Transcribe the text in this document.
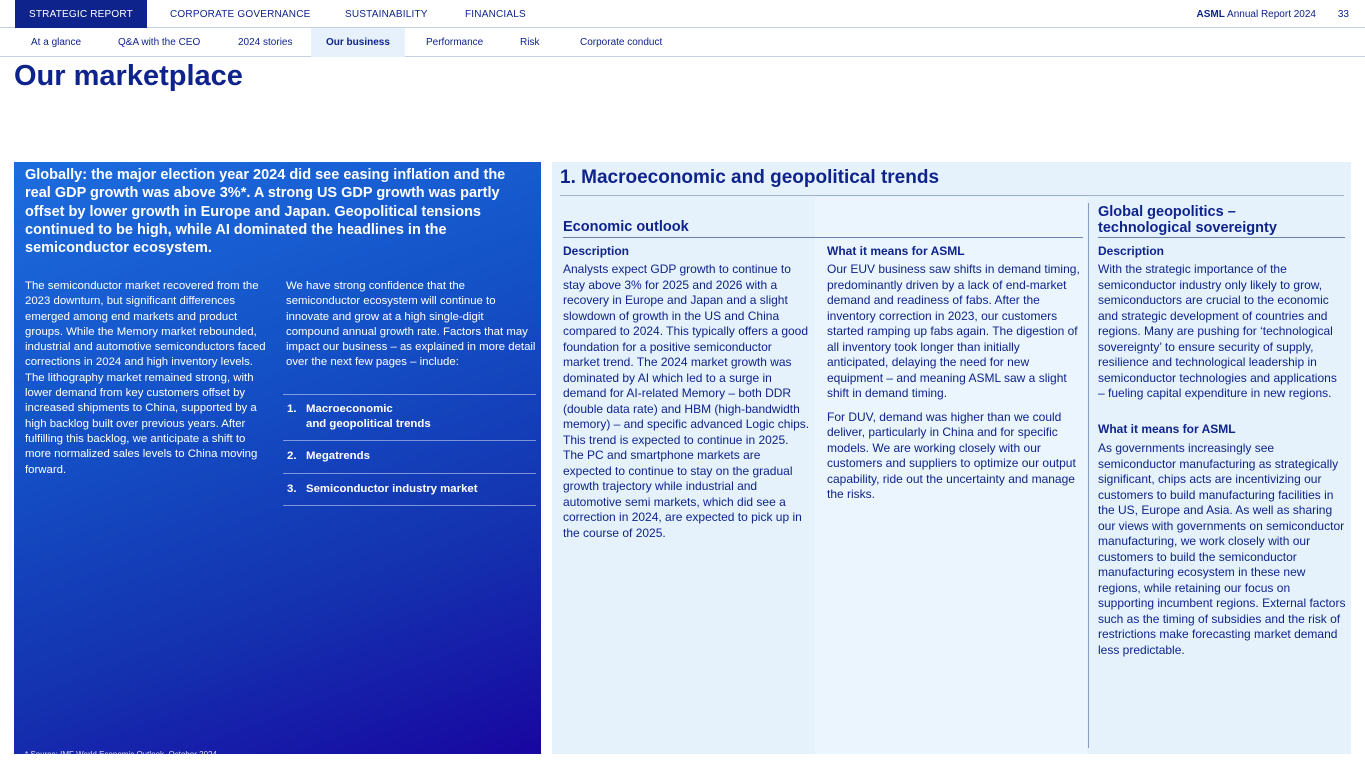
STRATEGIC REPORT	CORPORATE GOVERNANCE	SUSTAINABILITY	FINANCIALS	ASML Annual Report 2024 33
At a glance	Q&A with the CEO	2024 stories	Our business	Performance	Risk	Corporate conduct
Our marketplace
Globally: the major election year 2024 did see easing inflation and the real GDP growth was above 3%*. A strong US GDP growth was partly offset by lower growth in Europe and Japan. Geopolitical tensions continued to be high, while AI dominated the headlines in the semiconductor ecosystem.
The semiconductor market recovered from the 2023 downturn, but significant differences emerged among end markets and product groups. While the Memory market rebounded, industrial and automotive semiconductors faced corrections in 2024 and high inventory levels. The lithography market remained strong, with lower demand from key customers offset by increased shipments to China, supported by a high backlog built over previous years. After fulfilling this backlog, we anticipate a shift to more normalized sales levels to China moving forward.
We have strong confidence that the semiconductor ecosystem will continue to innovate and grow at a high single-digit compound annual growth rate. Factors that may impact our business – as explained in more detail over the next few pages – include:
1. Macroeconomic
and geopolitical trends
2. Megatrends
3. Semiconductor industry market
* Source: IMF World Economic Outlook, October 2024
1. Macroeconomic and geopolitical trends
Economic outlook
Description
Analysts expect GDP growth to continue to stay above 3% for 2025 and 2026 with a recovery in Europe and Japan and a slight slowdown of growth in the US and China compared to 2024. This typically offers a good foundation for a positive semiconductor market trend. The 2024 market growth was dominated by AI which led to a surge in demand for AI-related Memory – both DDR (double data rate) and HBM (high-bandwidth memory) – and specific advanced Logic chips. This trend is expected to continue in 2025. The PC and smartphone markets are expected to continue to stay on the gradual growth trajectory while industrial and automotive semi markets, which did see a correction in 2024, are expected to pick up in the course of 2025.
What it means for ASML

Our EUV business saw shifts in demand timing, predominantly driven by a lack of end-market demand and readiness of fabs. After the inventory correction in 2023, our customers started ramping up fabs again. The digestion of all inventory took longer than initially anticipated, delaying the need for new equipment – and meaning ASML saw a slight shift in demand timing.

For DUV, demand was higher than we could deliver, particularly in China and for specific models. We are working closely with our customers and suppliers to optimize our output capability, ride out the uncertainty and manage the risks.

Global geopolitics –
technological sovereignty
Description
With the strategic importance of the semiconductor industry only likely to grow, semiconductors are crucial to the economic and strategic development of countries and regions. Many are pushing for ‘technological sovereignty’ to ensure security of supply, resilience and technological leadership in semiconductor technologies and applications – fueling capital expenditure in new regions.
What it means for ASML
As governments increasingly see semiconductor manufacturing as strategically significant, chips acts are incentivizing our customers to build manufacturing facilities in the US, Europe and Asia. As well as sharing our views with governments on semiconductor manufacturing, we work closely with our customers to build the semiconductor manufacturing ecosystem in these new regions, while retaining our focus on supporting incumbent regions. External factors such as the timing of subsidies and the risk of restrictions make forecasting market demand less predictable.
